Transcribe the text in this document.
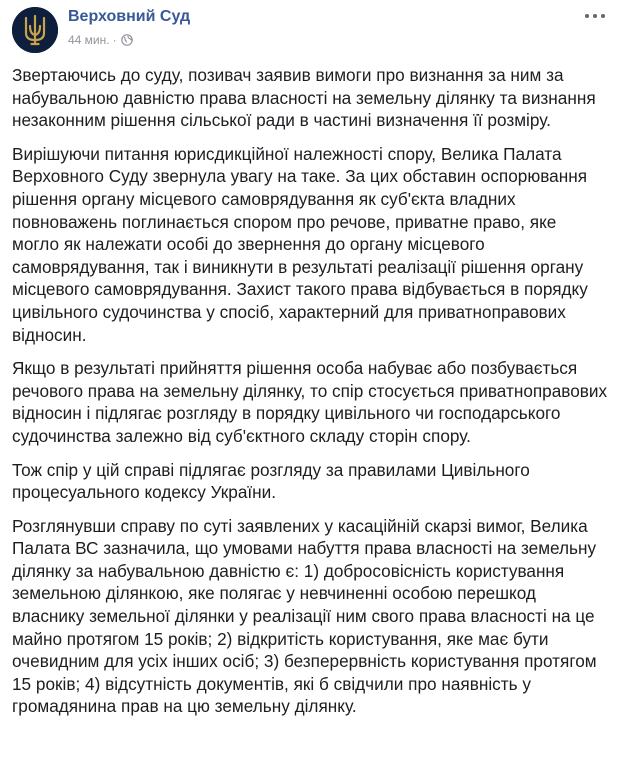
Верховний Суд
44 мин. ·

Звертаючись до суду, позивач заявив вимоги про визнання за ним за набувальною давністю права власності на земельну ділянку та визнання незаконним рішення сільської ради в частині визначення її розміру.

Вирішуючи питання юрисдикційної належності спору, Велика Палата Верховного Суду звернула увагу на таке. За цих обставин оспорювання рішення органу місцевого самоврядування як суб'єкта владних повноважень поглинається спором про речове, приватне право, яке могло як належати особі до звернення до органу місцевого самоврядування, так і виникнути в результаті реалізації рішення органу місцевого самоврядування. Захист такого права відбувається в порядку цивільного судочинства у спосіб, характерний для приватноправових відносин.

Якщо в результаті прийняття рішення особа набуває або позбувається речового права на земельну ділянку, то спір стосується приватноправових відносин і підлягає розгляду в порядку цивільного чи господарського судочинства залежно від суб'єктного складу сторін спору.

Тож спір у цій справі підлягає розгляду за правилами Цивільного процесуального кодексу України.

Розглянувши справу по суті заявлених у касаційній скарзі вимог, Велика Палата ВС зазначила, що умовами набуття права власності на земельну ділянку за набувальною давністю є: 1) добросовісність користування земельною ділянкою, яке полягає у невчиненні особою перешкод власнику земельної ділянки у реалізації ним свого права власності на це майно протягом 15 років; 2) відкритість користування, яке має бути очевидним для усіх інших осіб; 3) безперервність користування протягом 15 років; 4) відсутність документів, які б свідчили про наявність у громадянина прав на цю земельну ділянку.
